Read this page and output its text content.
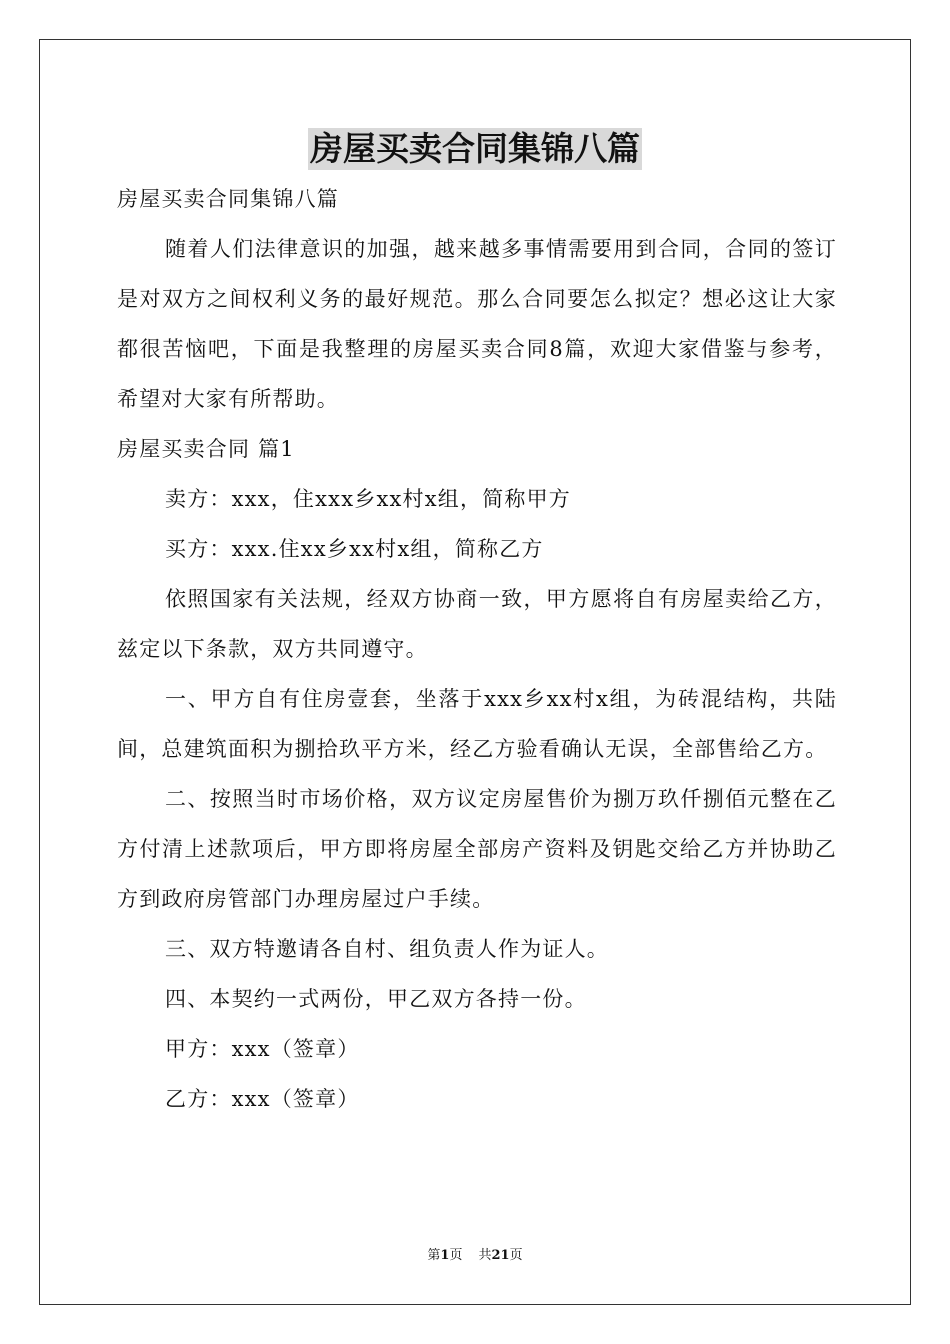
房屋买卖合同集锦八篇

房屋买卖合同集锦八篇

随着人们法律意识的加强，越来越多事情需要用到合同，合同的签订是对双方之间权利义务的最好规范。那么合同要怎么拟定？想必这让大家都很苦恼吧，下面是我整理的房屋买卖合同8篇，欢迎大家借鉴与参考，希望对大家有所帮助。

房屋买卖合同 篇1

卖方：xxx，住xxx乡xx村x组，简称甲方

买方：xxx.住xx乡xx村x组，简称乙方

依照国家有关法规，经双方协商一致，甲方愿将自有房屋卖给乙方，兹定以下条款，双方共同遵守。

一、甲方自有住房壹套，坐落于xxx乡xx村x组，为砖混结构，共陆间，总建筑面积为捌拾玖平方米，经乙方验看确认无误，全部售给乙方。

二、按照当时市场价格，双方议定房屋售价为捌万玖仟捌佰元整在乙方付清上述款项后，甲方即将房屋全部房产资料及钥匙交给乙方并协助乙方到政府房管部门办理房屋过户手续。

三、双方特邀请各自村、组负责人作为证人。

四、本契约一式两份，甲乙双方各持一份。

甲方：xxx（签章）

乙方：xxx（签章）

第1页 共21页
